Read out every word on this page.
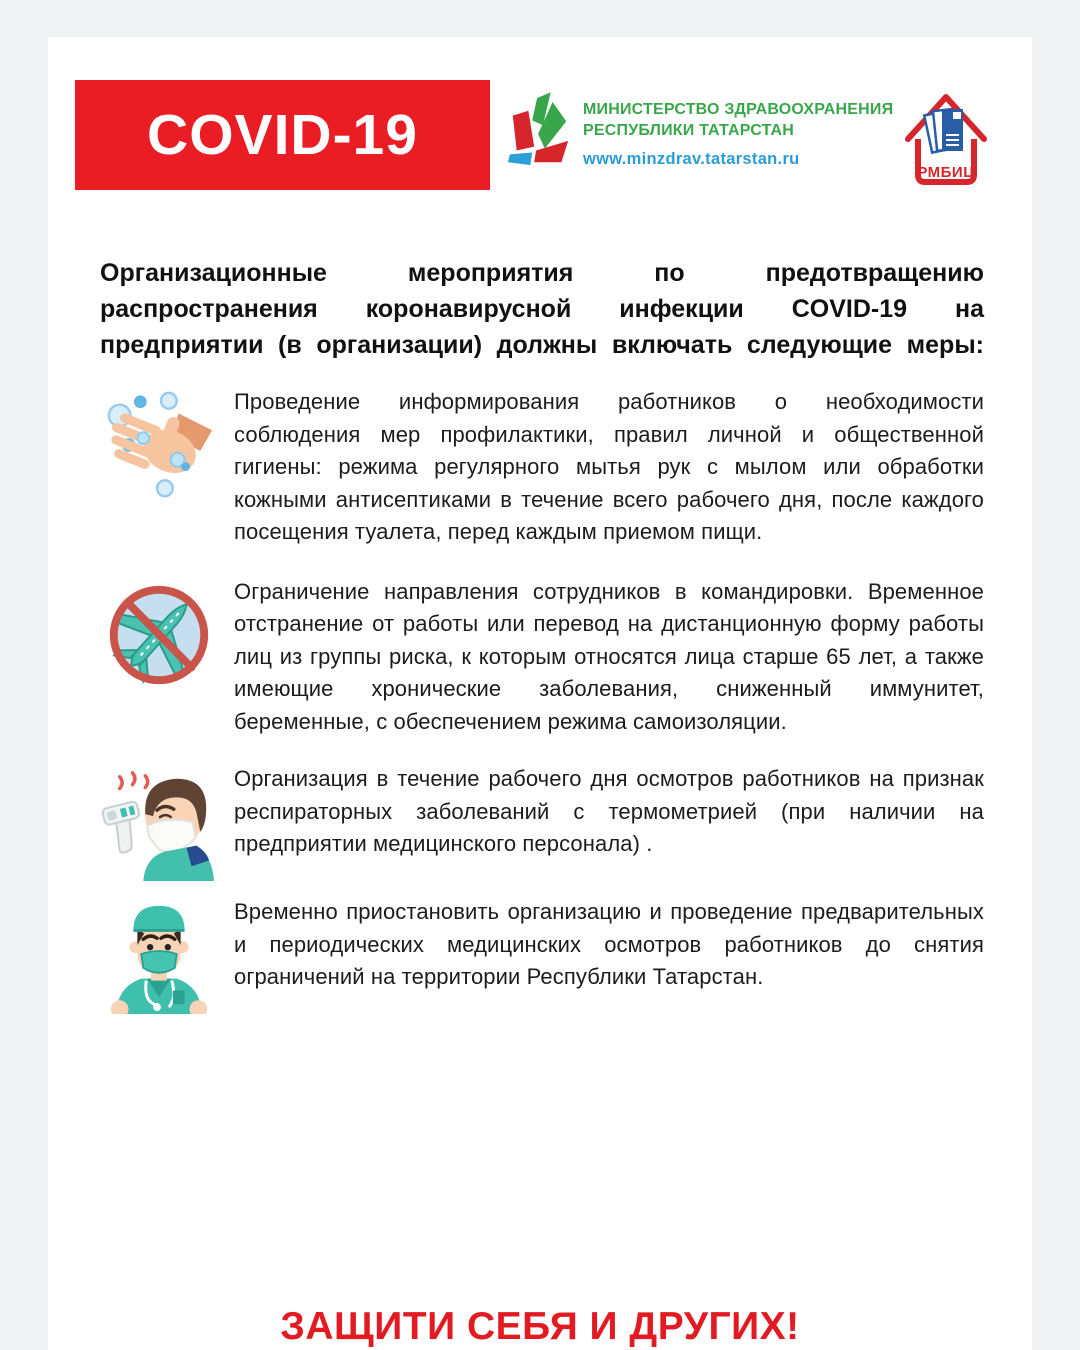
COVID-19	МИНИСТЕРСТВО ЗДРАВООХРАНЕНИЯ
РЕСПУБЛИКИ ТАТАРСТАН
www.minzdrav.tatarstan.ru
РМБИЦ
Организационные мероприятия по предотвращению
распространения коронавирусной инфекции COVID-19 на
предприятии (в организации) должны включать следующие меры:

Проведение информирования работников о необходимости соблюдения мер профилактики, правил личной и общественной гигиены: режима регулярного мытья рук с мылом или обработки кожными антисептиками в течение всего рабочего дня, после каждого посещения туалета, перед каждым приемом пищи.

Ограничение направления сотрудников в командировки. Временное отстранение от работы или перевод на дистанционную форму работы лиц из группы риска, к которым относятся лица старше 65 лет, а также имеющие хронические заболевания, сниженный иммунитет, беременные, с обеспечением режима самоизоляции.

Организация в течение рабочего дня осмотров работников на признак респираторных заболеваний с термометрией (при наличии на предприятии медицинского персонала) .

Временно приостановить организацию и проведение предварительных и периодических медицинских осмотров работников до снятия ограничений на территории Республики Татарстан.

ЗАЩИТИ СЕБЯ И ДРУГИХ!
